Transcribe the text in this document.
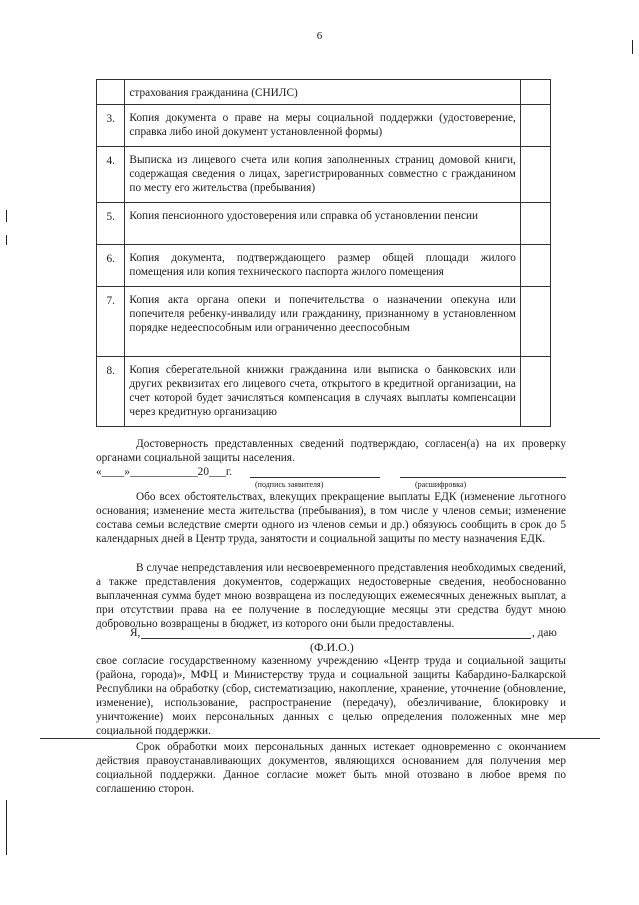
6

	страхования гражданина (СНИЛС)	

3.	Копия документа о праве на меры социальной поддержки (удостоверение, справка либо иной документ установленной формы)	

4.	Выписка из лицевого счета или копия заполненных страниц домовой книги, содержащая сведения о лицах, зарегистрированных совместно с гражданином по месту его жительства (пребывания)	

5.	Копия пенсионного удостоверения или справка об установлении пенсии	

6.	Копия документа, подтверждающего размер общей площади жилого помещения или копия технического паспорта жилого помещения	

7.	Копия акта органа опеки и попечительства о назначении опекуна или попечителя ребенку-инвалиду или гражданину, признанному в установленном порядке недееспособным или ограниченно дееспособным	

8.	Копия сберегательной книжки гражданина или выписка о банковских или других реквизитах его лицевого счета, открытого в кредитной организации, на счет которой будет зачисляться компенсация в случаях выплаты компенсации через кредитную организацию	

Достоверность представленных сведений подтверждаю, согласен(а) на их проверку органами социальной защиты населения.
«____»____________20___г.
(подпись заявителя)	(расшифровка)
Обо всех обстоятельствах, влекущих прекращение выплаты ЕДК (изменение льготного основания; изменение места жительства (пребывания), в том числе у членов семьи; изменение состава семьи вследствие смерти одного из членов семьи и др.) обязуюсь сообщить в срок до 5 календарных дней в Центр труда, занятости и социальной защиты по месту назначения ЕДК.
В случае непредставления или несвоевременного представления необходимых сведений, а также представления документов, содержащих недостоверные сведения, необоснованно выплаченная сумма будет мною возвращена из последующих ежемесячных денежных выплат, а при отсутствии права на ее получение в последующие месяцы эти средства будут мною добровольно возвращены в бюджет, из которого они были предоставлены.
Я,	, даю
(Ф.И.О.)
свое согласие государственному казенному учреждению «Центр труда и социальной защиты (района, города)», МФЦ и Министерству труда и социальной защиты Кабардино-Балкарской Республики на обработку (сбор, систематизацию, накопление, хранение, уточнение (обновление, изменение), использование, распространение (передачу), обезличивание, блокировку и уничтожение) моих персональных данных с целью определения положенных мне мер социальной поддержки.
Срок обработки моих персональных данных истекает одновременно с окончанием действия правоустанавливающих документов, являющихся основанием для получения мер социальной поддержки. Данное согласие может быть мной отозвано в любое время по соглашению сторон.
